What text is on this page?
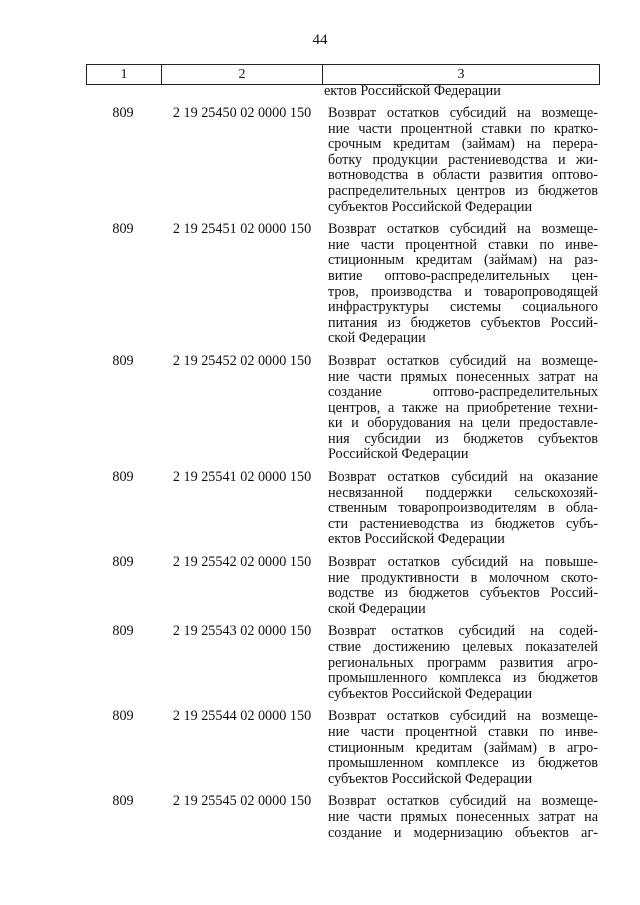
44
1	2	3
ектов Российской Федерации
809	2 19 25450 02 0000 150	Возврат остатков субсидий на возмеще-
ние части процентной ставки по кратко-
срочным кредитам (займам) на перера-
ботку продукции растениеводства и жи-
вотноводства в области развития оптово-
распределительных центров из бюджетов
субъектов Российской Федерации
809	2 19 25451 02 0000 150	Возврат остатков субсидий на возмеще-
ние части процентной ставки по инве-
стиционным кредитам (займам) на раз-
витие оптово-распределительных цен-
тров, производства и товаропроводящей
инфраструктуры системы социального
питания из бюджетов субъектов Россий-
ской Федерации
809	2 19 25452 02 0000 150	Возврат остатков субсидий на возмеще-
ние части прямых понесенных затрат на
создание оптово-распределительных
центров, а также на приобретение техни-
ки и оборудования на цели предоставле-
ния субсидии из бюджетов субъектов
Российской Федерации
809	2 19 25541 02 0000 150	Возврат остатков субсидий на оказание
несвязанной поддержки сельскохозяй-
ственным товаропроизводителям в обла-
сти растениеводства из бюджетов субъ-
ектов Российской Федерации
809	2 19 25542 02 0000 150	Возврат остатков субсидий на повыше-
ние продуктивности в молочном ското-
водстве из бюджетов субъектов Россий-
ской Федерации
809	2 19 25543 02 0000 150	Возврат остатков субсидий на содей-
ствие достижению целевых показателей
региональных программ развития агро-
промышленного комплекса из бюджетов
субъектов Российской Федерации
809	2 19 25544 02 0000 150	Возврат остатков субсидий на возмеще-
ние части процентной ставки по инве-
стиционным кредитам (займам) в агро-
промышленном комплексе из бюджетов
субъектов Российской Федерации
809	2 19 25545 02 0000 150	Возврат остатков субсидий на возмеще-
ние части прямых понесенных затрат на
создание и модернизацию объектов аг-
